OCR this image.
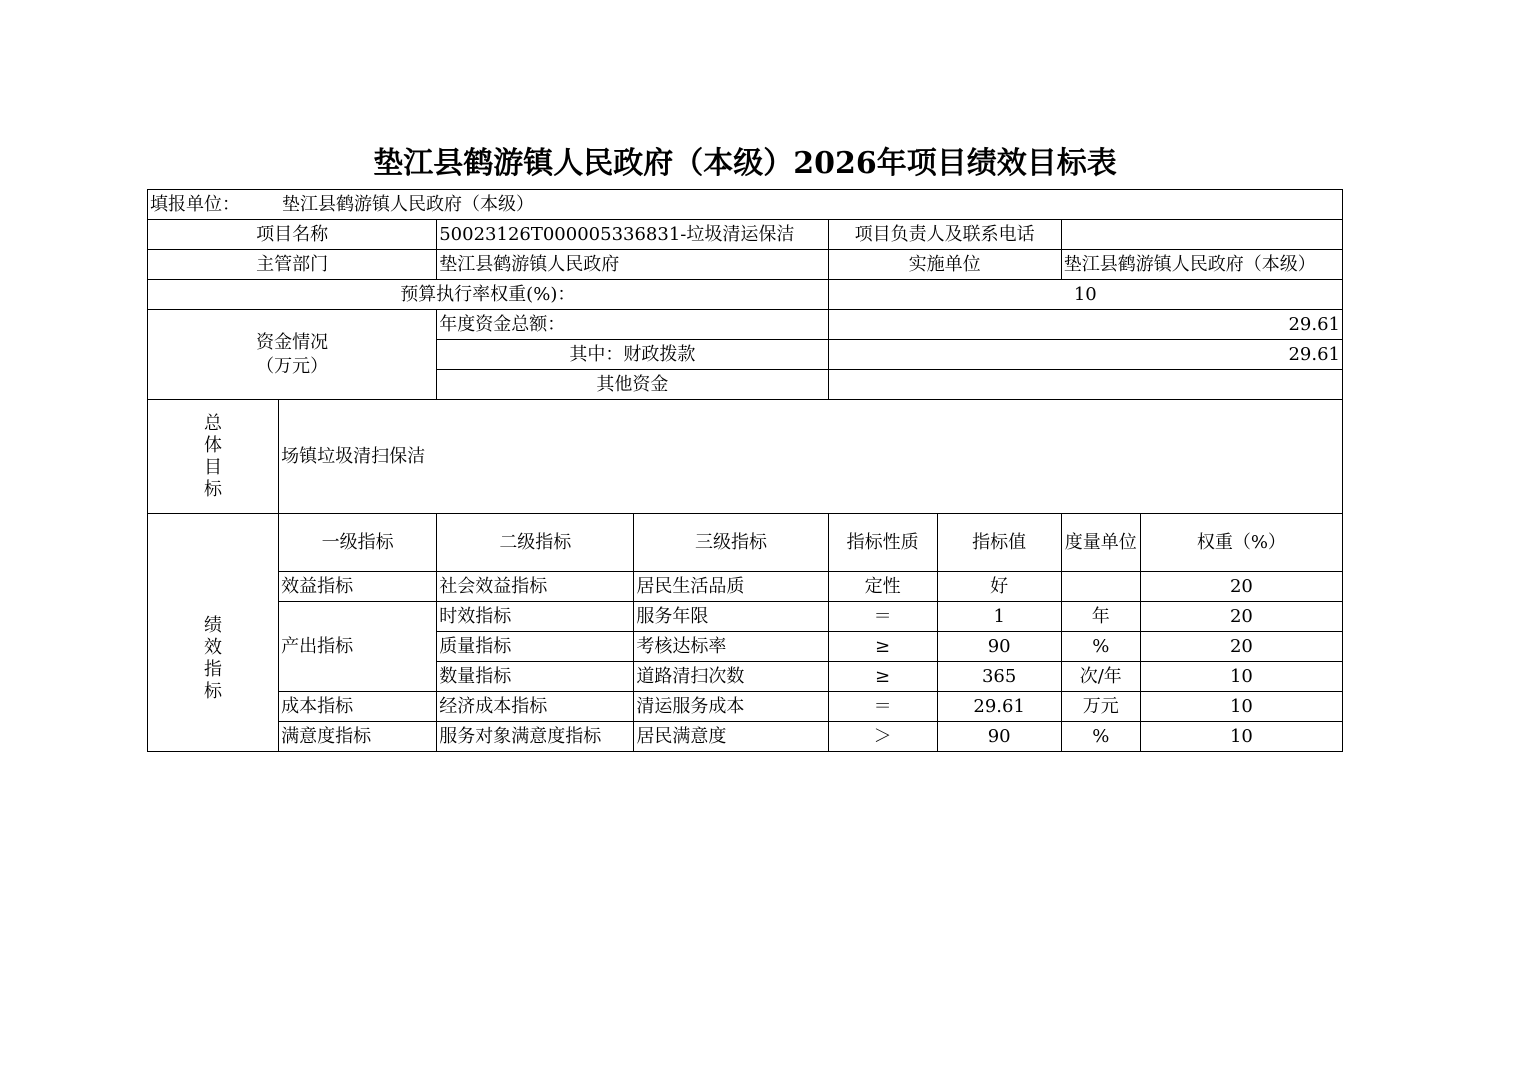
垫江县鹤游镇人民政府（本级）2026年项目绩效目标表
填报单位： 垫江县鹤游镇人民政府（本级）							
项目名称		50023126T000005336831-垃圾清运保洁		项目负责人及联系电话			
主管部门		垫江县鹤游镇人民政府		实施单位		垫江县鹤游镇人民政府（本级）	
预算执行率权重(%)：				10			

资金情况
（万元）		年度资金总额：		29.61			
		其中：财政拨款		29.61			
		其他资金					

总
体
目
标	场镇垃圾清扫保洁						

绩
效
指
标	一级指标	二级指标	三级指标	指标性质	指标值	度量单位	权重（%）
	效益指标	社会效益指标	居民生活品质	定性	好		20
	产出指标	时效指标	服务年限	＝	1	年	20
		质量指标	考核达标率	≥	90	%	20
		数量指标	道路清扫次数	≥	365	次/年	10
	成本指标	经济成本指标	清运服务成本	＝	29.61	万元	10
	满意度指标	服务对象满意度指标	居民满意度	＞	90	%	10
